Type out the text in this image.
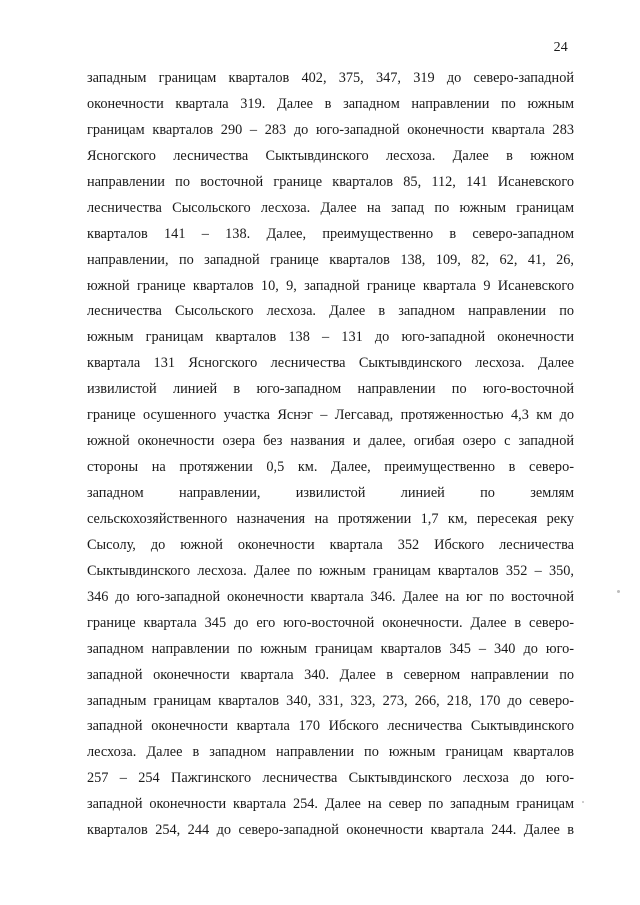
24
западным границам кварталов 402, 375, 347, 319 до северо-западной
оконечности квартала 319. Далее в западном направлении по южным
границам кварталов 290 – 283 до юго-западной оконечности квартала 283
Ясногского лесничества Сыктывдинского лесхоза. Далее в южном
направлении по восточной границе кварталов 85, 112, 141 Исаневского
лесничества Сысольского лесхоза. Далее на запад по южным границам
кварталов 141 – 138. Далее, преимущественно в северо-западном
направлении, по западной границе кварталов 138, 109, 82, 62, 41, 26,
южной границе кварталов 10, 9, западной границе квартала 9 Исаневского
лесничества Сысольского лесхоза. Далее в западном направлении по
южным границам кварталов 138 – 131 до юго-западной оконечности
квартала 131 Ясногского лесничества Сыктывдинского лесхоза. Далее
извилистой линией в юго-западном направлении по юго-восточной
границе осушенного участка Яснэг – Легсавад, протяженностью 4,3 км до
южной оконечности озера без названия и далее, огибая озеро с западной
стороны на протяжении 0,5 км. Далее, преимущественно в северо-
западном направлении, извилистой линией по землям
сельскохозяйственного назначения на протяжении 1,7 км, пересекая реку
Сысолу, до южной оконечности квартала 352 Ибского лесничества
Сыктывдинского лесхоза. Далее по южным границам кварталов 352 – 350,
346 до юго-западной оконечности квартала 346. Далее на юг по восточной
границе квартала 345 до его юго-восточной оконечности. Далее в северо-
западном направлении по южным границам кварталов 345 – 340 до юго-
западной оконечности квартала 340. Далее в северном направлении по
западным границам кварталов 340, 331, 323, 273, 266, 218, 170 до северо-
западной оконечности квартала 170 Ибского лесничества Сыктывдинского
лесхоза. Далее в западном направлении по южным границам кварталов
257 – 254 Пажгинского лесничества Сыктывдинского лесхоза до юго-
западной оконечности квартала 254. Далее на север по западным границам
кварталов 254, 244 до северо-западной оконечности квартала 244. Далее в
